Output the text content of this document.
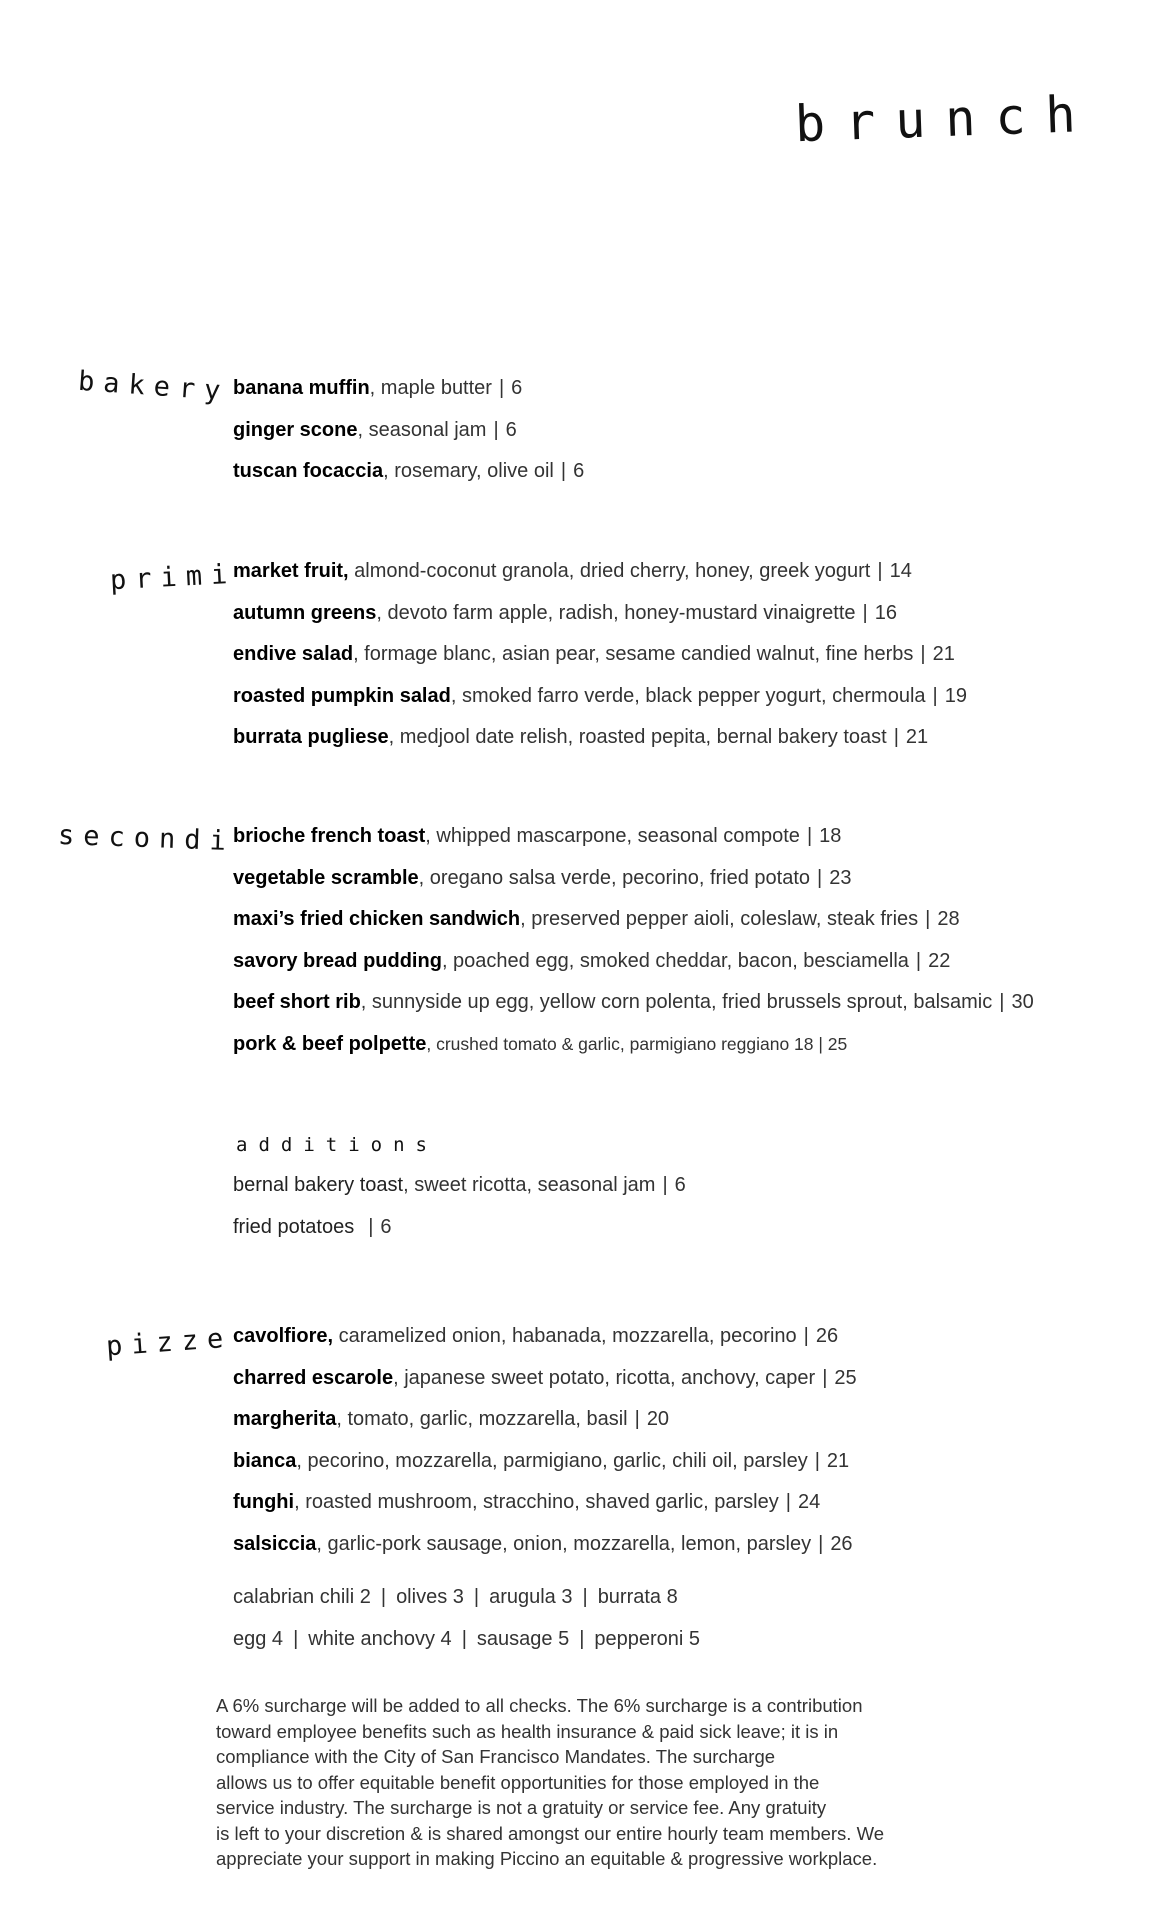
brunch
bakery
primi
secondi
additions
pizze
banana muffin, maple butter | 6
ginger scone, seasonal jam | 6
tuscan focaccia, rosemary, olive oil | 6
market fruit, almond-coconut granola, dried cherry, honey, greek yogurt | 14
autumn greens, devoto farm apple, radish, honey-mustard vinaigrette | 16
endive salad, formage blanc, asian pear, sesame candied walnut, fine herbs | 21
roasted pumpkin salad, smoked farro verde, black pepper yogurt, chermoula | 19
burrata pugliese, medjool date relish, roasted pepita, bernal bakery toast | 21
brioche french toast, whipped mascarpone, seasonal compote | 18
vegetable scramble, oregano salsa verde, pecorino, fried potato | 23
maxi’s fried chicken sandwich, preserved pepper aioli, coleslaw, steak fries | 28
savory bread pudding, poached egg, smoked cheddar, bacon, besciamella | 22
beef short rib, sunnyside up egg, yellow corn polenta, fried brussels sprout, balsamic | 30
pork & beef polpette, crushed tomato & garlic, parmigiano reggiano 18 | 25
bernal bakery toast, sweet ricotta, seasonal jam | 6
fried potatoes | 6
cavolfiore, caramelized onion, habanada, mozzarella, pecorino | 26
charred escarole, japanese sweet potato, ricotta, anchovy, caper | 25
margherita, tomato, garlic, mozzarella, basil | 20
bianca, pecorino, mozzarella, parmigiano, garlic, chili oil, parsley | 21
funghi, roasted mushroom, stracchino, shaved garlic, parsley | 24
salsiccia, garlic-pork sausage, onion, mozzarella, lemon, parsley | 26
calabrian chili 2 | olives 3 | arugula 3 | burrata 8
egg 4 | white anchovy 4 | sausage 5 | pepperoni 5
A 6% surcharge will be added to all checks. The 6% surcharge is a contribution
toward employee benefits such as health insurance & paid sick leave; it is in
compliance with the City of San Francisco Mandates. The surcharge
allows us to offer equitable benefit opportunities for those employed in the
service industry. The surcharge is not a gratuity or service fee. Any gratuity
is left to your discretion & is shared amongst our entire hourly team members. We
appreciate your support in making Piccino an equitable & progressive workplace.
